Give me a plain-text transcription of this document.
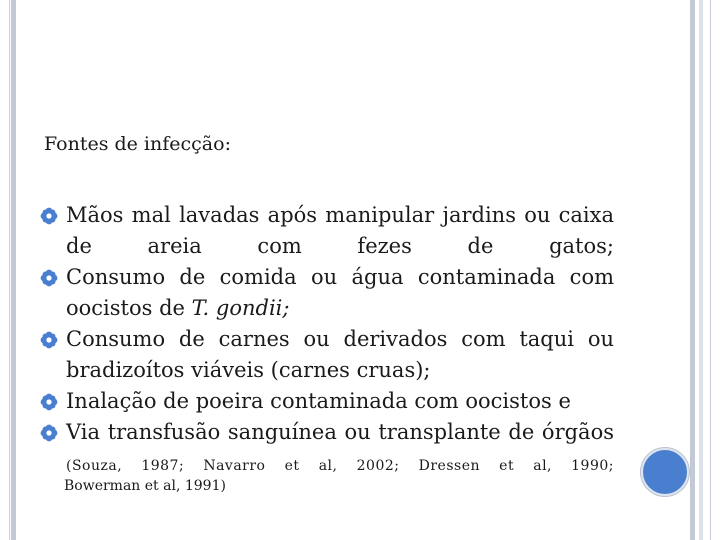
Fontes de infecção:
Mãos mal lavadas após manipular jardins ou caixa de areia com fezes de gatos;
Consumo de comida ou água contaminada com oocistos de T. gondii;
Consumo de carnes ou derivados com taqui ou bradizoítos viáveis (carnes cruas);
Inalação de poeira contaminada com oocistos e
Via transfusão sanguínea ou transplante de órgãos (Souza, 1987; Navarro et al, 2002; Dressen et al, 1990;
Bowerman et al, 1991)
